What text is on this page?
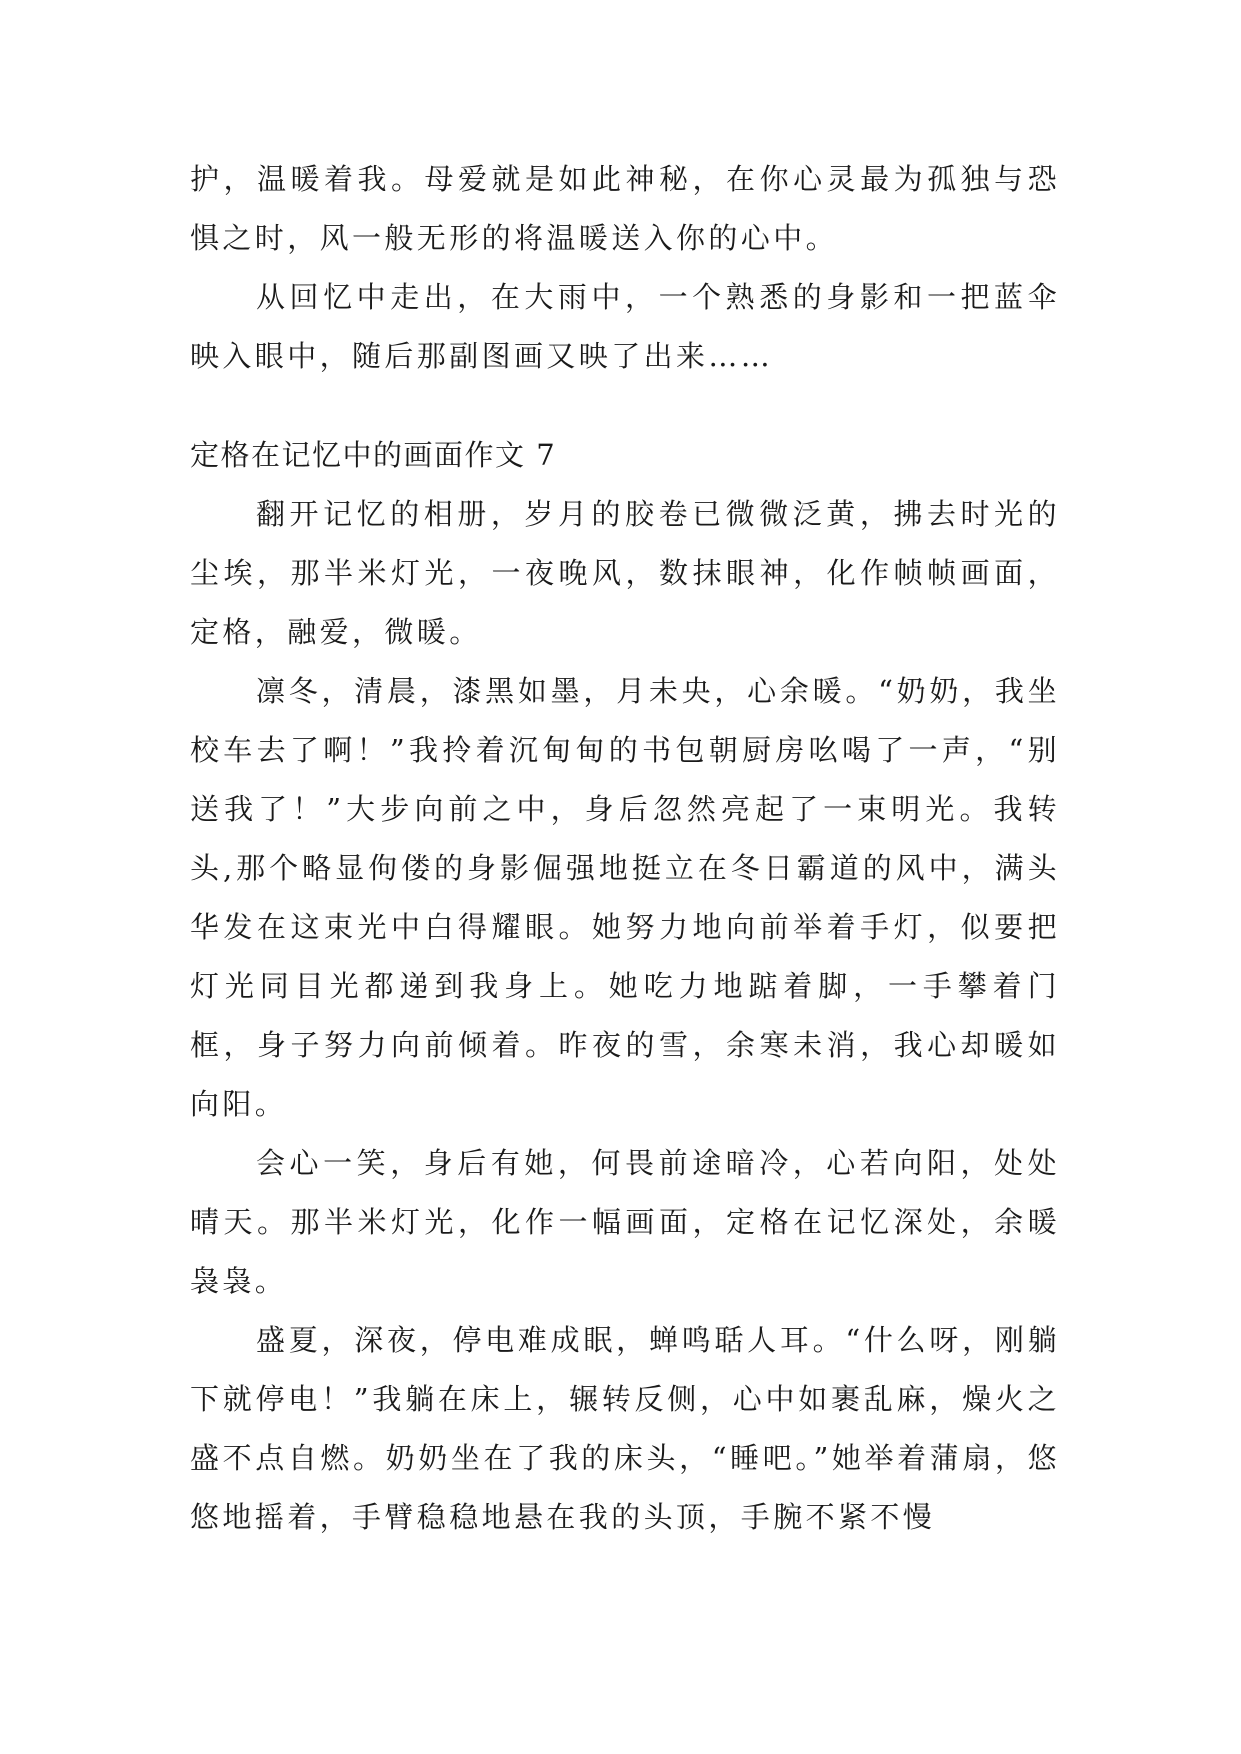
护，温暖着我。母爱就是如此神秘，在你心灵最为孤独与恐惧之时，风一般无形的将温暖送入你的心中。

从回忆中走出，在大雨中，一个熟悉的身影和一把蓝伞映入眼中，随后那副图画又映了出来……

定格在记忆中的画面作文 7

翻开记忆的相册，岁月的胶卷已微微泛黄，拂去时光的尘埃，那半米灯光，一夜晚风，数抹眼神，化作帧帧画面，定格，融爱，微暖。

凛冬，清晨，漆黑如墨，月未央，心余暖。“奶奶，我坐校车去了啊！”我拎着沉甸甸的书包朝厨房吆喝了一声，“别送我了！”大步向前之中，身后忽然亮起了一束明光。我转头,那个略显佝偻的身影倔强地挺立在冬日霸道的风中，满头华发在这束光中白得耀眼。她努力地向前举着手灯，似要把灯光同目光都递到我身上。她吃力地踮着脚，一手攀着门框，身子努力向前倾着。昨夜的雪，余寒未消，我心却暖如向阳。

会心一笑，身后有她，何畏前途暗冷，心若向阳，处处晴天。那半米灯光，化作一幅画面，定格在记忆深处，余暖袅袅。

盛夏，深夜，停电难成眠，蝉鸣聒人耳。“什么呀，刚躺下就停电！”我躺在床上，辗转反侧，心中如裹乱麻，燥火之盛不点自燃。奶奶坐在了我的床头，“睡吧。”她举着蒲扇，悠悠地摇着，手臂稳稳地悬在我的头顶，手腕不紧不慢
